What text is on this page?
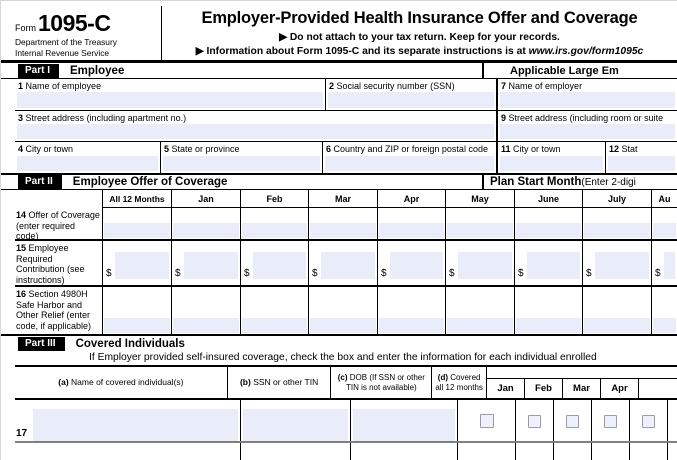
Form 1095-C
Department of the Treasury
Internal Revenue Service
Employer-Provided Health Insurance Offer and Coverage
▶ Do not attach to your tax return. Keep for your records.
▶ Information about Form 1095-C and its separate instructions is at www.irs.gov/form1095c
Part I	Employee	Applicable Large Em
1 Name of employee	2 Social security number (SSN)	7 Name of employer
3 Street address (including apartment no.)	9 Street address (including room or suite
4 City or town	5 State or province	6 Country and ZIP or foreign postal code	11 City or town	12 Stat
Part II	Employee Offer of Coverage	Plan Start Month (Enter 2-digi
All 12 Months	Jan	Feb	Mar	Apr	May	June	July	Au
14 Offer of Coverage (enter required code)
15 Employee Required Contribution (see instructions)
$	$	$	$	$	$	$	$	$
16 Section 4980H Safe Harbor and Other Relief (enter code, if applicable)
Part III	Covered Individuals
If Employer provided self-insured coverage, check the box and enter the information for each individual enrolled
(a) Name of covered individual(s)	(b) SSN or other TIN	(c) DOB (If SSN or other TIN is not available)
(d) Covered all 12 months	Jan	Feb	Mar	Apr
17
